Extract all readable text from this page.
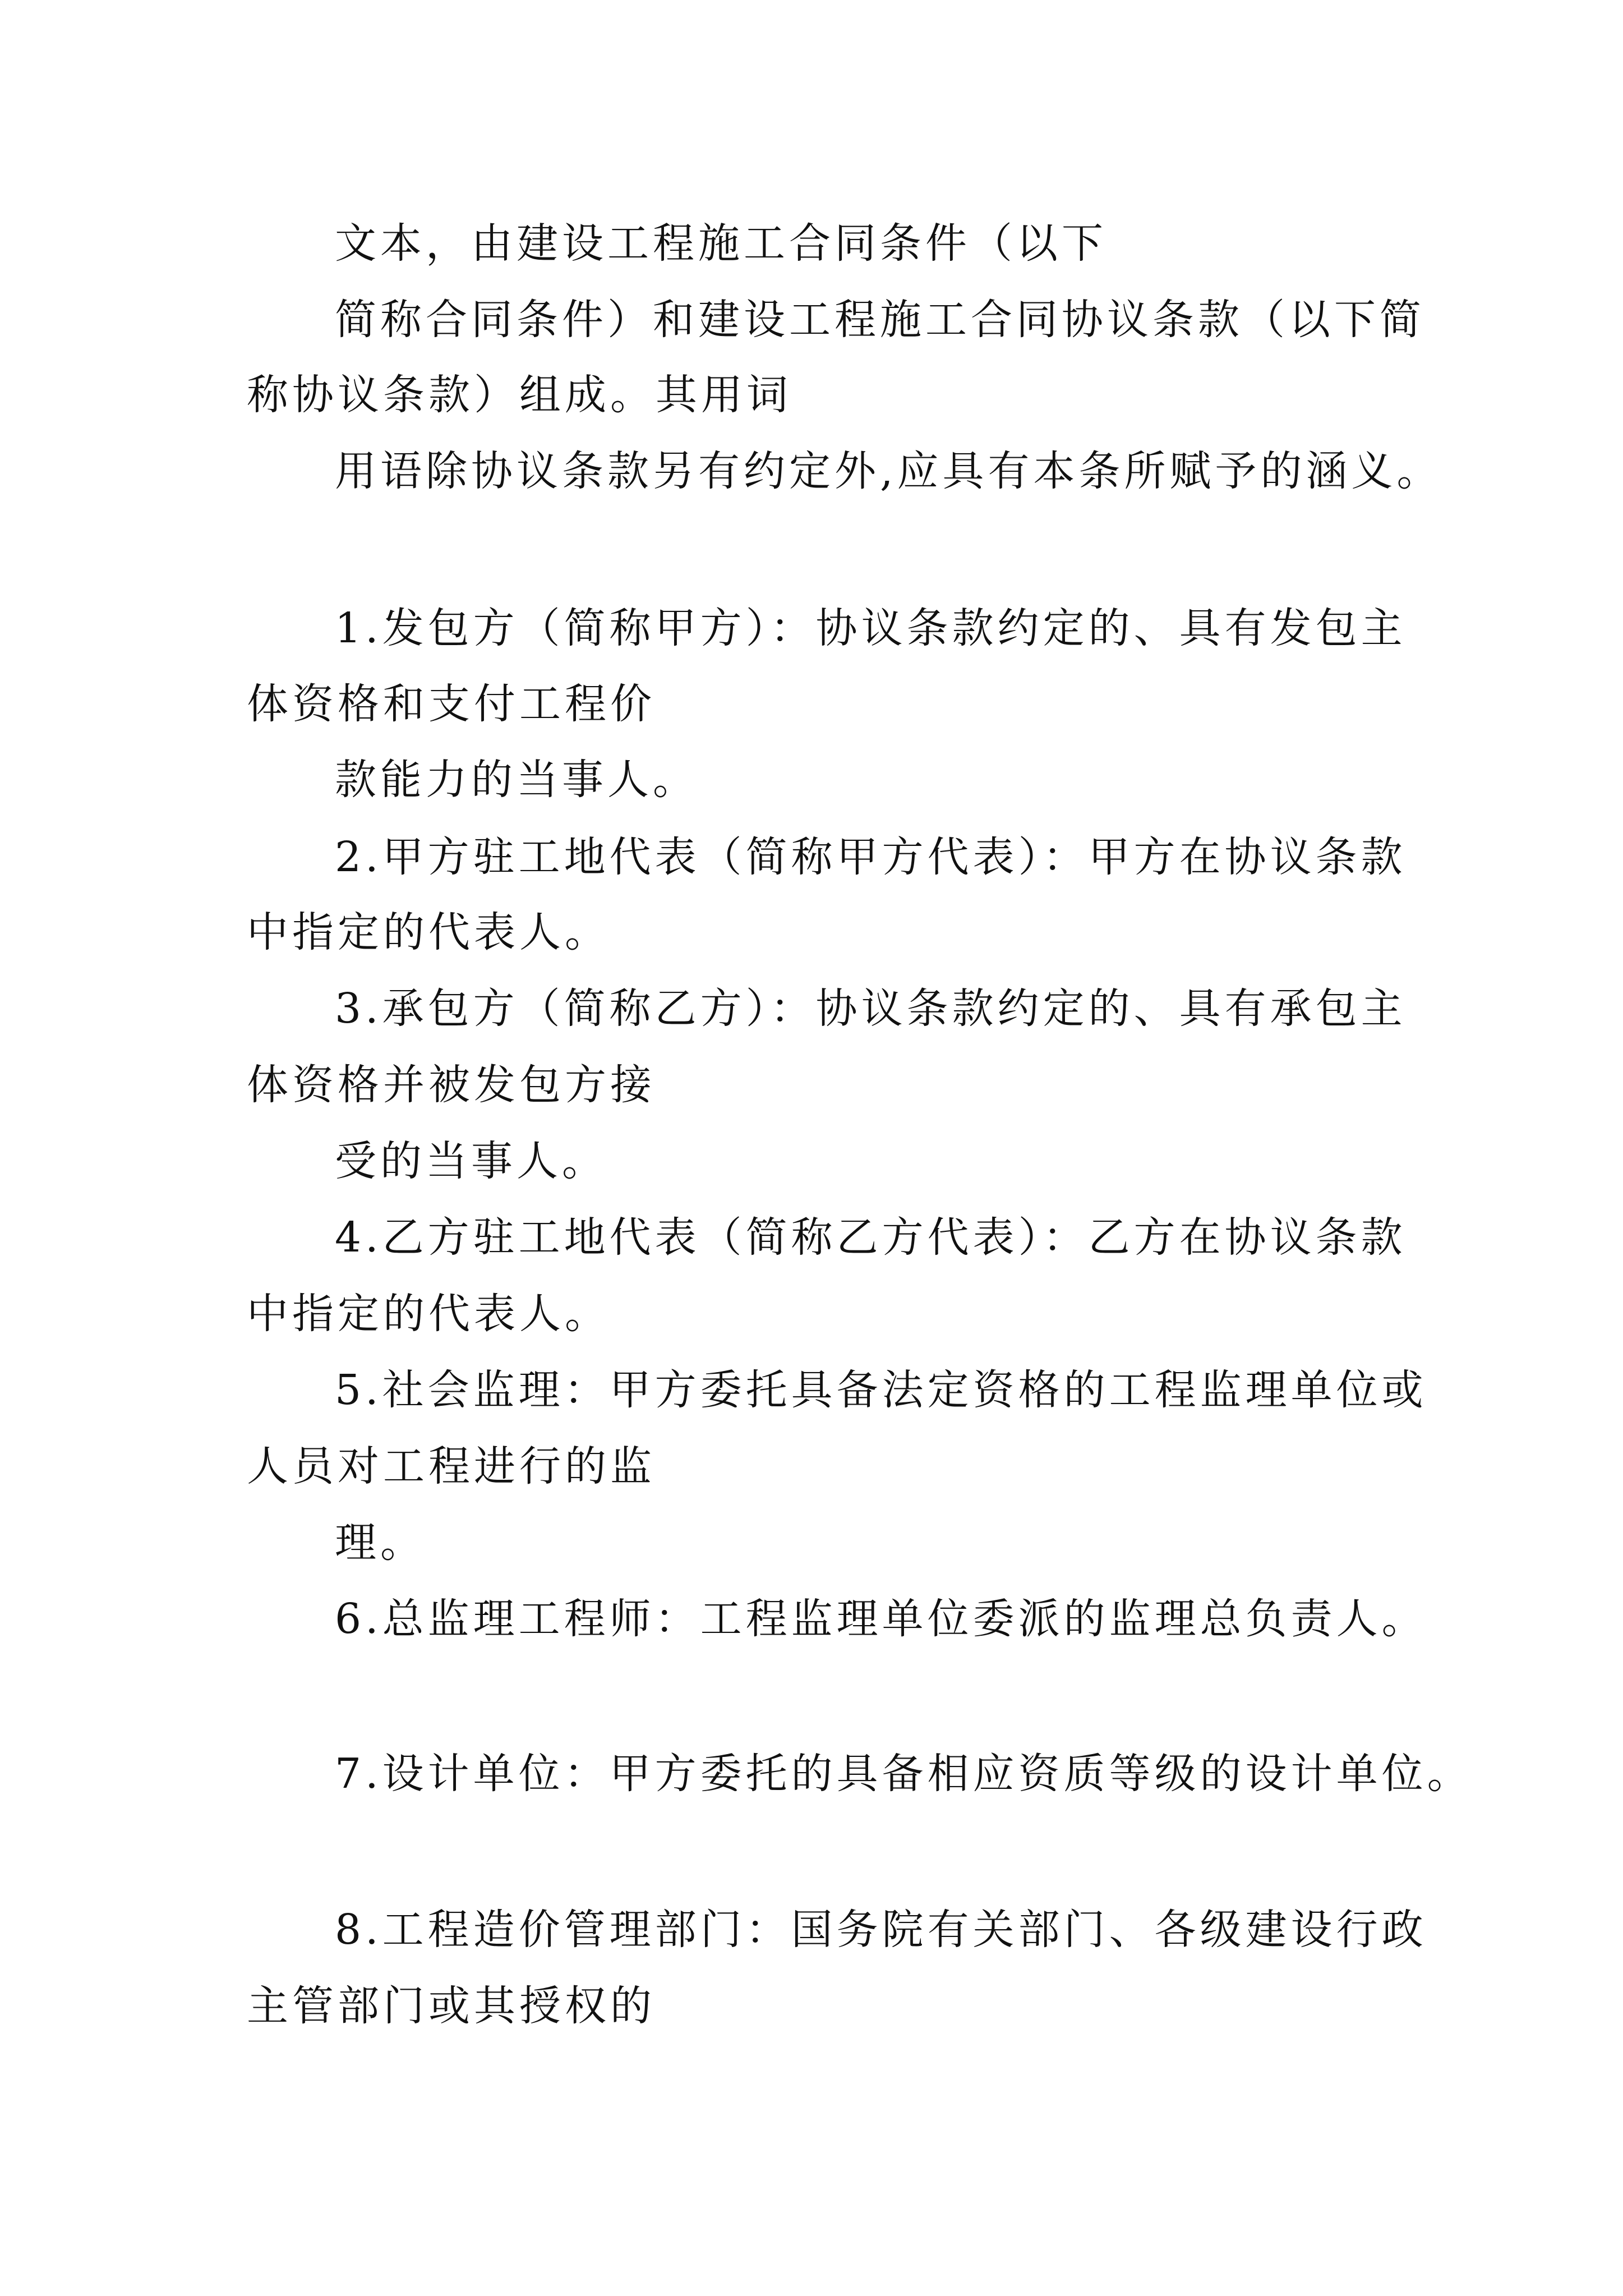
文本，由建设工程施工合同条件（以下
简称合同条件）和建设工程施工合同协议条款（以下简
称协议条款）组成。其用词
用语除协议条款另有约定外,应具有本条所赋予的涵义。
1.发包方（简称甲方）：协议条款约定的、具有发包主
体资格和支付工程价
款能力的当事人。
2.甲方驻工地代表（简称甲方代表）：甲方在协议条款
中指定的代表人。
3.承包方（简称乙方）：协议条款约定的、具有承包主
体资格并被发包方接
受的当事人。
4.乙方驻工地代表（简称乙方代表）：乙方在协议条款
中指定的代表人。
5.社会监理：甲方委托具备法定资格的工程监理单位或
人员对工程进行的监
理。
6.总监理工程师：工程监理单位委派的监理总负责人。
7.设计单位：甲方委托的具备相应资质等级的设计单位。
8.工程造价管理部门：国务院有关部门、各级建设行政
主管部门或其授权的
